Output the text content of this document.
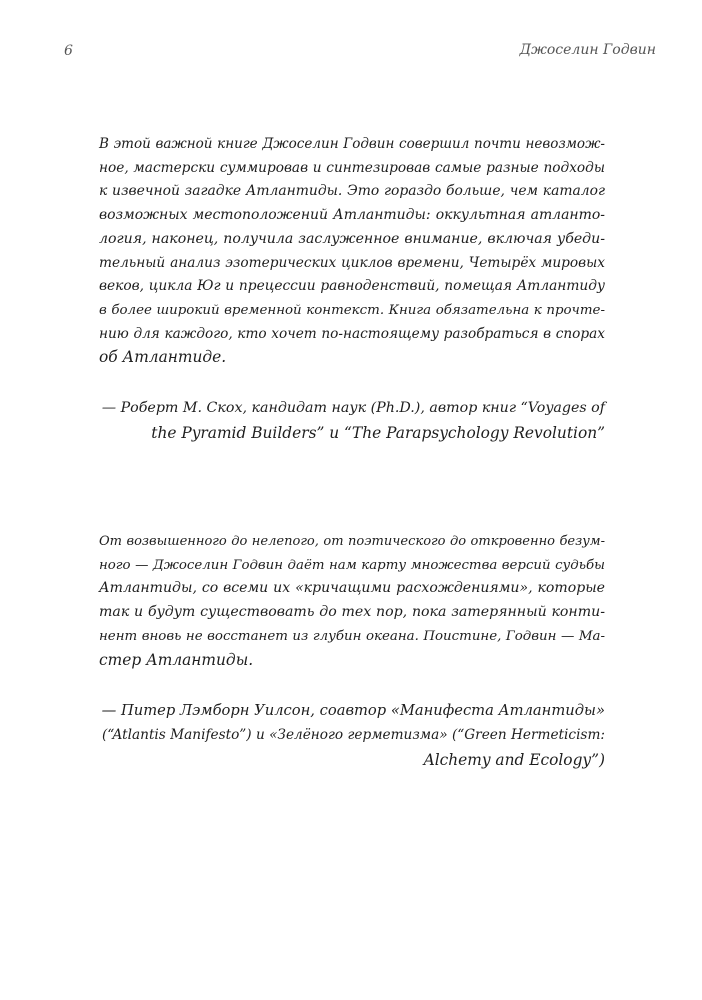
6	Джоселин Годвин
В этой важной книге Джоселин Годвин совершил почти невозмож-
ное, мастерски суммировав и синтезировав самые разные подходы
к извечной загадке Атлантиды. Это гораздо больше, чем каталог
возможных местоположений Атлантиды: оккультная атланто-
логия, наконец, получила заслуженное внимание, включая убеди-
тельный анализ эзотерических циклов времени, Четырёх мировых
веков, цикла Юг и прецессии равноденствий, помещая Атлантиду
в более широкий временной контекст. Книга обязательна к прочте-
нию для каждого, кто хочет по-настоящему разобраться в спорах
об Атлантиде.
— Роберт М. Скох, кандидат наук (Ph.D.), автор книг “Voyages of
the Pyramid Builders” и “The Parapsychology Revolution”
От возвышенного до нелепого, от поэтического до откровенно безум-
ного — Джоселин Годвин даёт нам карту множества версий судьбы
Атлантиды, со всеми их «кричащими расхождениями», которые
так и будут существовать до тех пор, пока затерянный конти-
нент вновь не восстанет из глубин океана. Поистине, Годвин — Ма-
стер Атлантиды.
— Питер Лэмборн Уилсон, соавтор «Манифеста Атлантиды»
(“Atlantis Manifesto”) и «Зелёного герметизма» (“Green Hermeticism:
Alchemy and Ecology”)
